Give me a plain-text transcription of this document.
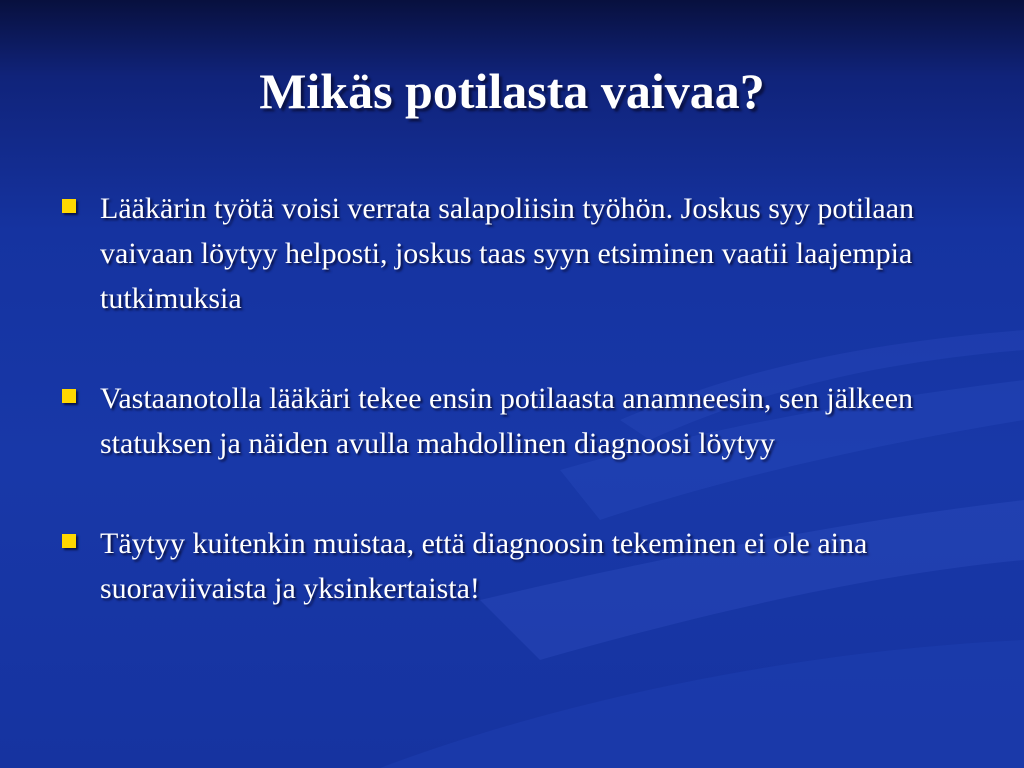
Mikäs potilasta vaivaa?
Lääkärin työtä voisi verrata salapoliisin työhön. Joskus syy potilaan vaivaan löytyy helposti, joskus taas syyn etsiminen vaatii laajempia tutkimuksia
Vastaanotolla lääkäri tekee ensin potilaasta anamneesin, sen jälkeen statuksen ja näiden avulla mahdollinen diagnoosi löytyy
Täytyy kuitenkin muistaa, että diagnoosin tekeminen ei ole aina suoraviivaista ja yksinkertaista!
